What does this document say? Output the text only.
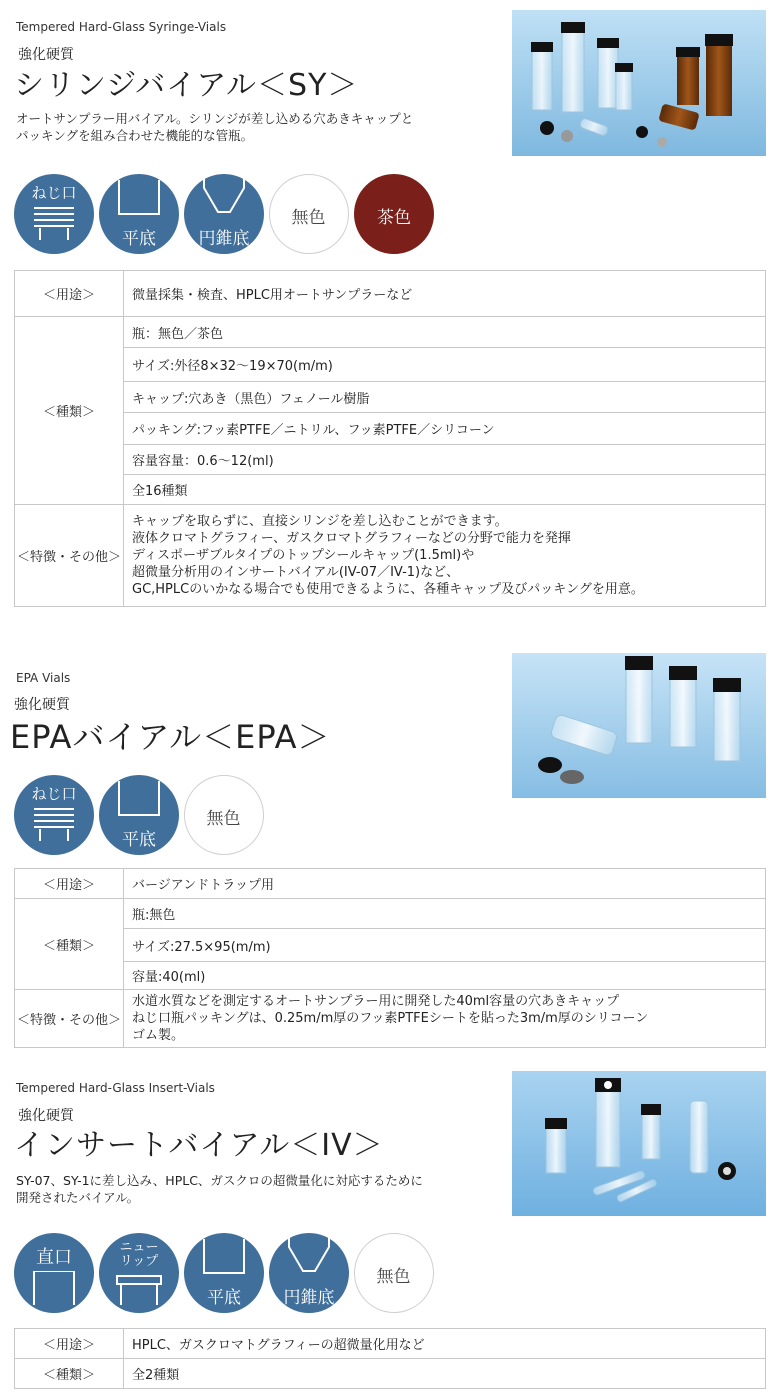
Tempered Hard-Glass Syringe-Vials
強化硬質
シリンジバイアル＜SY＞
オートサンプラー用バイアル。シリンジが差し込める穴あきキャップと
パッキングを組み合わせた機能的な管瓶。
ねじ口
平底	円錐底
無色	茶色
＜用途＞	微量採集・検査、HPLC用オートサンプラーなど
＜種類＞	瓶：無色／茶色
	サイズ:外径8×32〜19×70(m/m)
	キャップ:穴あき（黒色）フェノール樹脂
	パッキング:フッ素PTFE／ニトリル、フッ素PTFE／シリコーン
	容量容量：0.6〜12(ml)
	全16種類
＜特徴・その他＞	キャップを取らずに、直接シリンジを差し込むことができます。
液体クロマトグラフィー、ガスクロマトグラフィーなどの分野で能力を発揮
ディスポーザブルタイプのトップシールキャップ(1.5ml)や
超微量分析用のインサートバイアル(IV-07／IV-1)など、
GC,HPLCのいかなる場合でも使用できるように、各種キャップ及びパッキングを用意。
EPA Vials
強化硬質
EPAバイアル＜EPA＞
ねじ口
平底
無色
＜用途＞	バージアンドトラップ用
＜種類＞	瓶:無色
	サイズ:27.5×95(m/m)
	容量:40(ml)
＜特徴・その他＞	水道水質などを測定するオートサンプラー用に開発した40ml容量の穴あきキャップ
ねじ口瓶パッキングは、0.25m/m厚のフッ素PTFEシートを貼った3m/m厚のシリコーン
ゴム製。
Tempered Hard-Glass Insert-Vials
強化硬質
インサートバイアル＜IV＞
SY-07、SY-1に差し込み、HPLC、ガスクロの超微量化に対応するために
開発されたバイアル。
直口	ニュー
リップ
平底	円錐底
無色
＜用途＞	HPLC、ガスクロマトグラフィーの超微量化用など
＜種類＞	全2種類
